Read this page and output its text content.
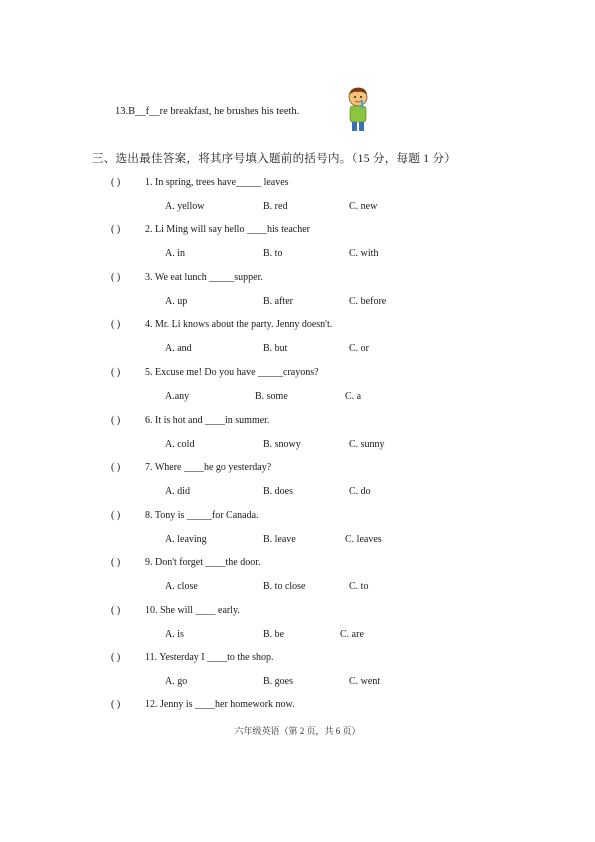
13.B__f__re breakfast, he brushes his teeth.
三、选出最佳答案，将其序号填入题前的括号内。（15 分，每题 1 分）
( ) 1. In spring, trees have_____ leaves
A. yellow	B. red	C. new
( ) 2. Li Ming will say hello ____his teacher
A. in	B. to	C. with
( ) 3. We eat lunch _____supper.
A. up	B. after	C. before
( ) 4. Mr. Li knows about the party. Jenny doesn't.
A. and	B. but	C. or
( ) 5. Excuse me! Do you have _____crayons?
A.any	B. some	C. a
( ) 6. It is hot and ____in summer.
A. cold	B. snowy	C. sunny
( ) 7. Where ____he go yesterday?
A. did	B. does	C. do
( ) 8. Tony is _____for Canada.
A. leaving	B. leave	C. leaves
( ) 9. Don't forget ____the door.
A. close	B. to close	C. to
( ) 10. She will ____ early.
A. is	B. be	C. are
( ) 11. Yesterday I ____to the shop.
A. go	B. goes	C. went
( ) 12. Jenny is ____her homework now.
六年级英语（第 2 页，共 6 页）
